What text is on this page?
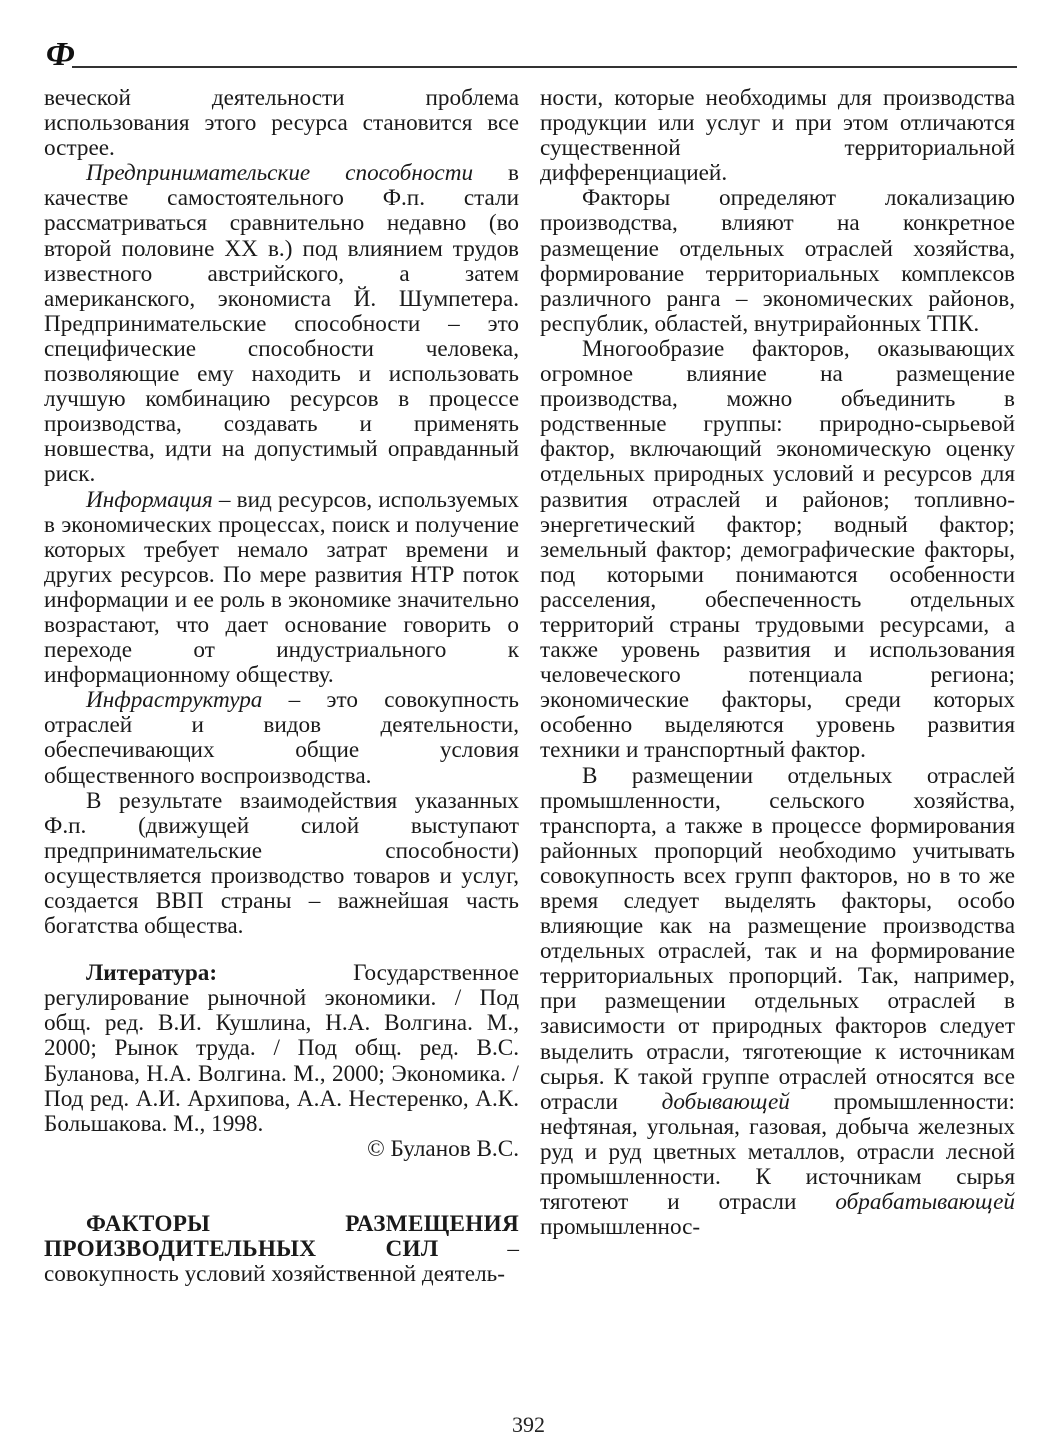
Ф

вечеcкой деятельности проблема использования этого ресурса становится все острее.

Предпринимательские способности в качестве самостоятельного Ф.п. стали рассматриваться сравнительно недавно (во второй половине XX в.) под влиянием трудов известного австрийского, а затем американского, экономиста Й. Шумпетера. Предпринимательские способности – это специфические способности человека, позволяющие ему находить и использовать лучшую комбинацию ресурсов в процессе производства, создавать и применять новшества, идти на допустимый оправданный риск.

Информация – вид ресурсов, используемых в экономических процессах, поиск и получение которых требует немало затрат времени и других ресурсов. По мере развития НТР поток информации и ее роль в экономике значительно возрастают, что дает основание говорить о переходе от индустриального к информационному обществу.

Инфраструктура – это совокупность отраслей и видов деятельности, обеспечивающих общие условия общественного воспроизводства.

В результате взаимодействия указанных Ф.п. (движущей силой выступают предпринимательские способности) осуществляется производство товаров и услуг, создается ВВП страны – важнейшая часть богатства общества.

Литература: Государственное регулирование рыночной экономики. / Под общ. ред. В.И. Кушлина, Н.А. Волгина. М., 2000; Рынок труда. / Под общ. ред. В.С. Буланова, Н.А. Волгина. М., 2000; Экономика. / Под ред. А.И. Архипова, А.А. Нестеренко, А.К. Большакова. М., 1998.

© Буланов В.С.

ФАКТОРЫ РАЗМЕЩЕНИЯ ПРОИЗВОДИТЕЛЬНЫХ СИЛ – совокупность условий хозяйственной деятель-

ности, которые необходимы для производства продукции или услуг и при этом отличаются существенной территориальной дифференциацией.

Факторы определяют локализацию производства, влияют на конкретное размещение отдельных отраслей хозяйства, формирование территориальных комплексов различного ранга – экономических районов, республик, областей, внутрирайонных ТПК.

Многообразие факторов, оказывающих огромное влияние на размещение производства, можно объединить в родственные группы: природно-сырьевой фактор, включающий экономическую оценку отдельных природных условий и ресурсов для развития отраслей и районов; топливно-энергетический фактор; водный фактор; земельный фактор; демографические факторы, под которыми понимаются особенности расселения, обеспеченность отдельных территорий страны трудовыми ресурсами, а также уровень развития и использования человеческого потенциала региона; экономические факторы, среди которых особенно выделяются уровень развития техники и транспортный фактор.

В размещении отдельных отраслей промышленности, сельского хозяйства, транспорта, а также в процессе формирования районных пропорций необходимо учитывать совокупность всех групп факторов, но в то же время следует выделять факторы, особо влияющие как на размещение производства отдельных отраслей, так и на формирование территориальных пропорций. Так, например, при размещении отдельных отраслей в зависимости от природных факторов следует выделить отрасли, тяготеющие к источникам сырья. К такой группе отраслей относятся все отрасли добывающей промышленности: нефтяная, угольная, газовая, добыча железных руд и руд цветных металлов, отрасли лесной промышленности. К источникам сырья тяготеют и отрасли обрабатывающей промышленнос-

392
